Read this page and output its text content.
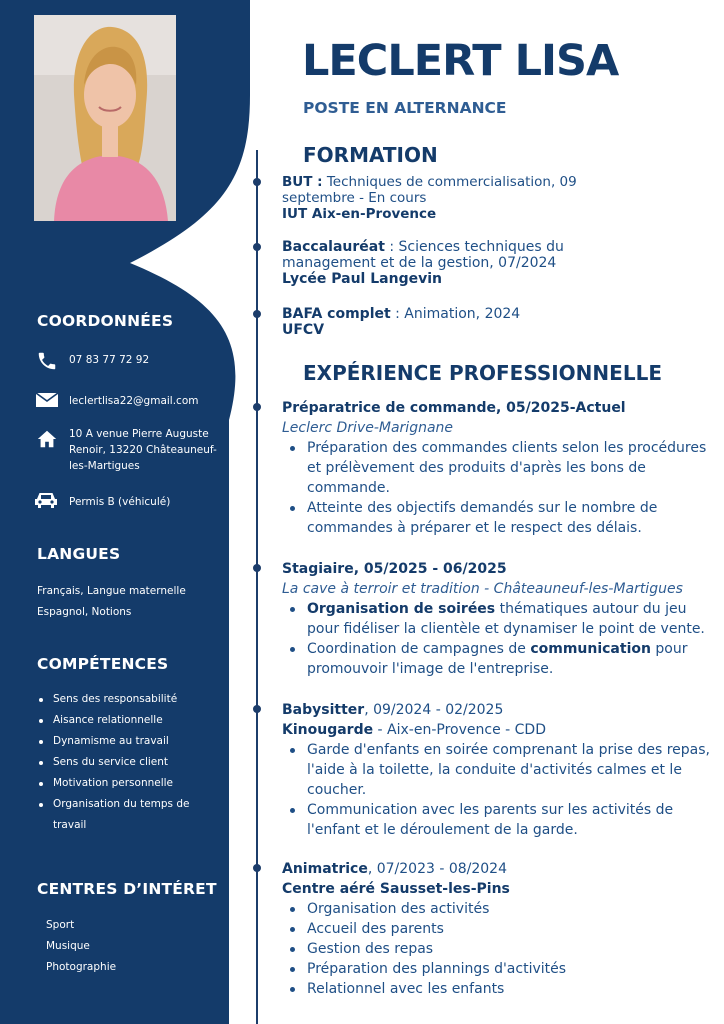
COORDONNÉES
07 83 77 72 92
leclertlisa22@gmail.com
10 A venue Pierre Auguste Renoir, 13220 Châteauneuf-les-Martigues
Permis B (véhiculé)
LANGUES
Français, Langue maternelle
Espagnol, Notions
COMPÉTENCES
Sens des responsabilité
Aisance relationnelle
Dynamisme au travail
Sens du service client
Motivation personnelle
Organisation du temps de travail
CENTRES D’INTÉRET
Sport
Musique
Photographie
LECLERT LISA
POSTE EN ALTERNANCE
FORMATION
BUT : Techniques de commercialisation, 09 septembre - En cours
IUT Aix-en-Provence
Baccalauréat : Sciences techniques du management et de la gestion, 07/2024
Lycée Paul Langevin
BAFA complet : Animation, 2024
UFCV
EXPÉRIENCE PROFESSIONNELLE
Préparatrice de commande, 05/2025-Actuel
Leclerc Drive-Marignane
Préparation des commandes clients selon les procédures et prélèvement des produits d'après les bons de commande.
Atteinte des objectifs demandés sur le nombre de commandes à préparer et le respect des délais.
Stagiaire, 05/2025 - 06/2025
La cave à terroir et tradition - Châteauneuf-les-Martigues
Organisation de soirées thématiques autour du jeu pour fidéliser la clientèle et dynamiser le point de vente.
Coordination de campagnes de communication pour promouvoir l'image de l'entreprise.
Babysitter, 09/2024 - 02/2025
Kinougarde - Aix-en-Provence - CDD
Garde d'enfants en soirée comprenant la prise des repas, l'aide à la toilette, la conduite d'activités calmes et le coucher.
Communication avec les parents sur les activités de l'enfant et le déroulement de la garde.
Animatrice, 07/2023 - 08/2024
Centre aéré Sausset-les-Pins
Organisation des activités
Accueil des parents
Gestion des repas
Préparation des plannings d'activités
Relationnel avec les enfants
